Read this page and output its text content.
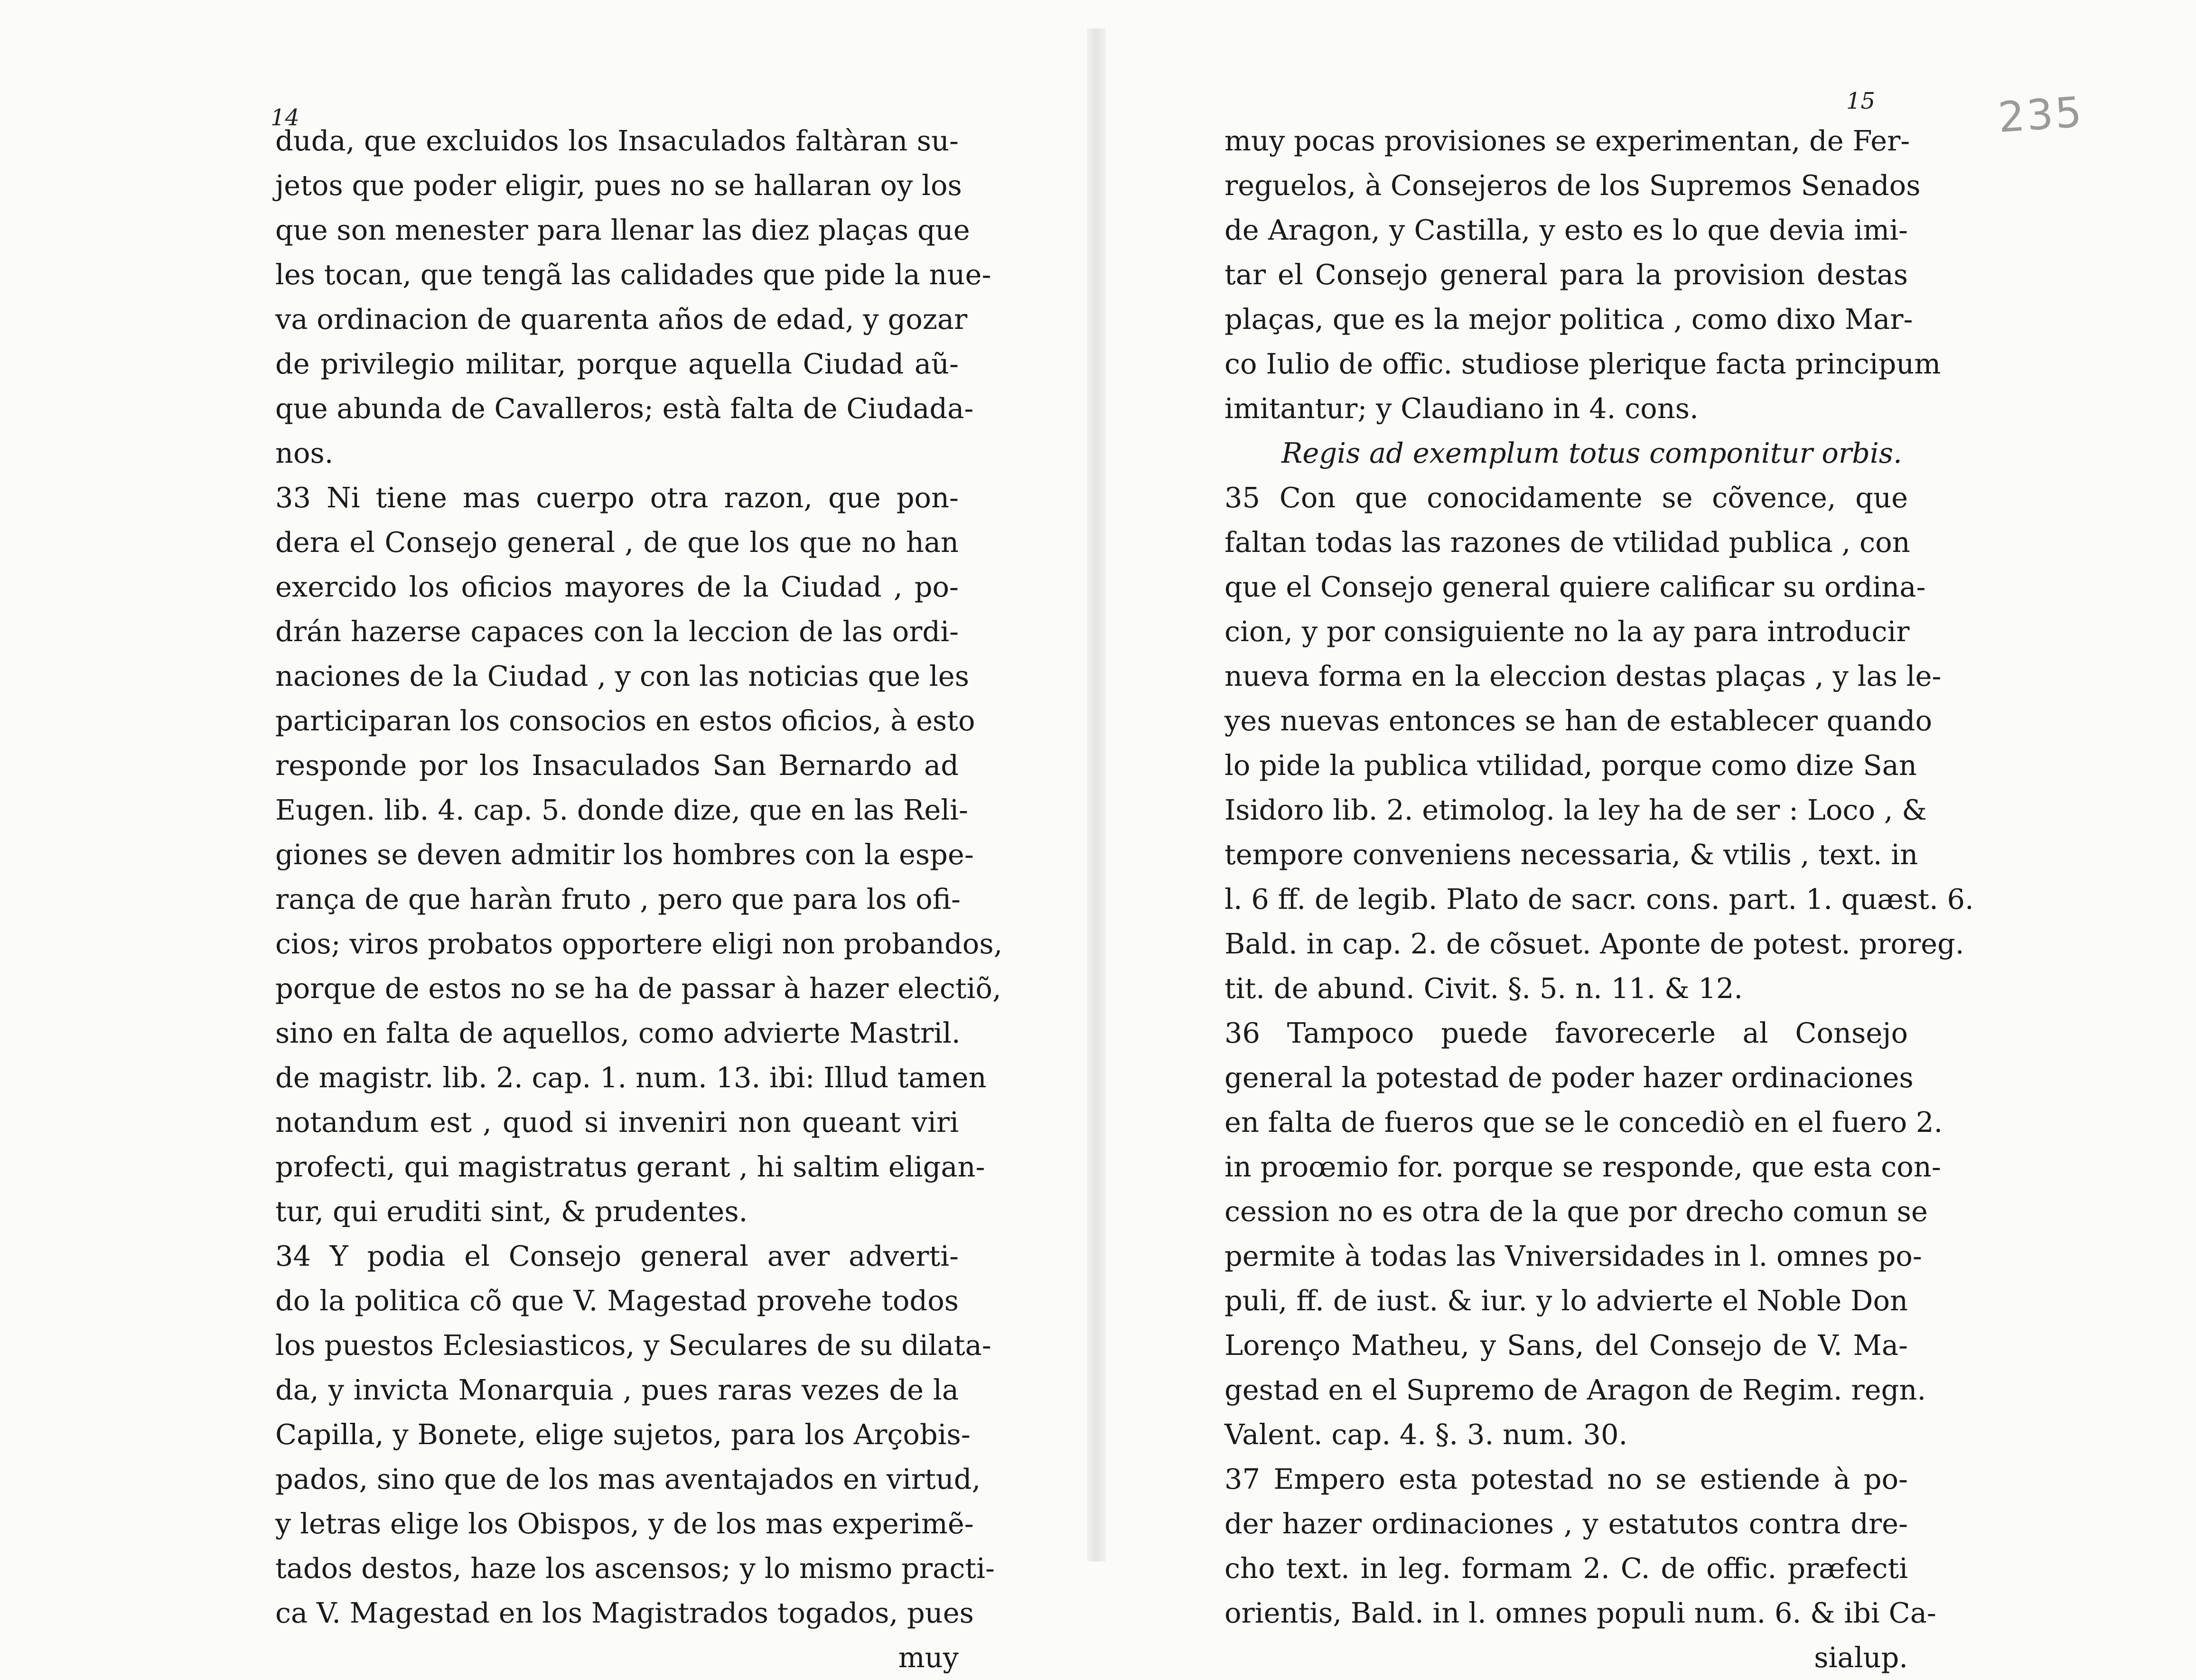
14
duda, que excluidos los Insaculados faltàran su-
jetos que poder eligir, pues no se hallaran oy los
que son menester para llenar las diez plaças que
les tocan, que tengã las calidades que pide la nue-
va ordinacion de quarenta años de edad, y gozar
de privilegio militar, porque aquella Ciudad aũ-
que abunda de Cavalleros; està falta de Ciudada-
nos.
33 Ni tiene mas cuerpo otra razon, que pon-
dera el Consejo general , de que los que no han
exercido los oficios mayores de la Ciudad , po-
drán hazerse capaces con la leccion de las ordi-
naciones de la Ciudad , y con las noticias que les
participaran los consocios en estos oficios, à esto
responde por los Insaculados San Bernardo ad
Eugen. lib. 4. cap. 5. donde dize, que en las Reli-
giones se deven admitir los hombres con la espe-
rança de que haràn fruto , pero que para los ofi-
cios; viros probatos opportere eligi non probandos,
porque de estos no se ha de passar à hazer electiõ,
sino en falta de aquellos, como advierte Mastril.
de magistr. lib. 2. cap. 1. num. 13. ibi: Illud tamen
notandum est , quod si inveniri non queant viri
profecti, qui magistratus gerant , hi saltim eligan-
tur, qui eruditi sint, & prudentes.
34 Y podia el Consejo general aver adverti-
do la politica cõ que V. Magestad provehe todos
los puestos Eclesiasticos, y Seculares de su dilata-
da, y invicta Monarquia , pues raras vezes de la
Capilla, y Bonete, elige sujetos, para los Arçobis-
pados, sino que de los mas aventajados en virtud,
y letras elige los Obispos, y de los mas experimẽ-
tados destos, haze los ascensos; y lo mismo practi-
ca V. Magestad en los Magistrados togados, pues
muy
15	235
muy pocas provisiones se experimentan, de Fer-
reguelos, à Consejeros de los Supremos Senados
de Aragon, y Castilla, y esto es lo que devia imi-
tar el Consejo general para la provision destas
plaças, que es la mejor politica , como dixo Mar-
co Iulio de offic. studiose plerique facta principum
imitantur; y Claudiano in 4. cons.
Regis ad exemplum totus componitur orbis.
35 Con que conocidamente se cõvence, que
faltan todas las razones de vtilidad publica , con
que el Consejo general quiere calificar su ordina-
cion, y por consiguiente no la ay para introducir
nueva forma en la eleccion destas plaças , y las le-
yes nuevas entonces se han de establecer quando
lo pide la publica vtilidad, porque como dize San
Isidoro lib. 2. etimolog. la ley ha de ser : Loco , &
tempore conveniens necessaria, & vtilis , text. in
l. 6 ff. de legib. Plato de sacr. cons. part. 1. quæst. 6.
Bald. in cap. 2. de cõsuet. Aponte de potest. proreg.
tit. de abund. Civit. §. 5. n. 11. & 12.
36 Tampoco puede favorecerle al Consejo
general la potestad de poder hazer ordinaciones
en falta de fueros que se le concediò en el fuero 2.
in proœmio for. porque se responde, que esta con-
cession no es otra de la que por drecho comun se
permite à todas las Vniversidades in l. omnes po-
puli, ff. de iust. & iur. y lo advierte el Noble Don
Lorenço Matheu, y Sans, del Consejo de V. Ma-
gestad en el Supremo de Aragon de Regim. regn.
Valent. cap. 4. §. 3. num. 30.
37 Empero esta potestad no se estiende à po-
der hazer ordinaciones , y estatutos contra dre-
cho text. in leg. formam 2. C. de offic. præfecti
orientis, Bald. in l. omnes populi num. 6. & ibi Ca-
sialup.
